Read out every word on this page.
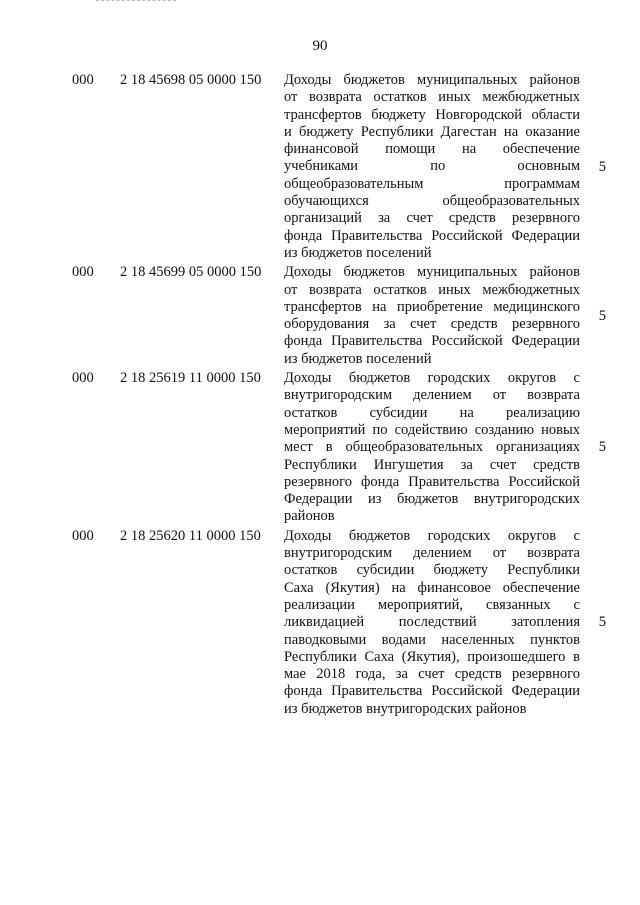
90
000	2 18 45698 05 0000 150	Доходы бюджетов муниципальных районов
от возврата остатков иных межбюджетных
трансфертов бюджету Новгородской области
и бюджету Республики Дагестан на оказание
финансовой помощи на обеспечение
учебниками по основным
общеобразовательным программам
обучающихся общеобразовательных
организаций за счет средств резервного
фонда Правительства Российской Федерации
из бюджетов поселений
5
000	2 18 45699 05 0000 150	Доходы бюджетов муниципальных районов
от возврата остатков иных межбюджетных
трансфертов на приобретение медицинского
оборудования за счет средств резервного
фонда Правительства Российской Федерации
из бюджетов поселений
5
000	2 18 25619 11 0000 150	Доходы бюджетов городских округов с
внутригородским делением от возврата
остатков субсидии на реализацию
мероприятий по содействию созданию новых
мест в общеобразовательных организациях
Республики Ингушетия за счет средств
резервного фонда Правительства Российской
Федерации из бюджетов внутригородских
районов
5
000	2 18 25620 11 0000 150	Доходы бюджетов городских округов с
внутригородским делением от возврата
остатков субсидии бюджету Республики
Саха (Якутия) на финансовое обеспечение
реализации мероприятий, связанных с
ликвидацией последствий затопления
паводковыми водами населенных пунктов
Республики Саха (Якутия), произошедшего в
мае 2018 года, за счет средств резервного
фонда Правительства Российской Федерации
из бюджетов внутригородских районов
5
